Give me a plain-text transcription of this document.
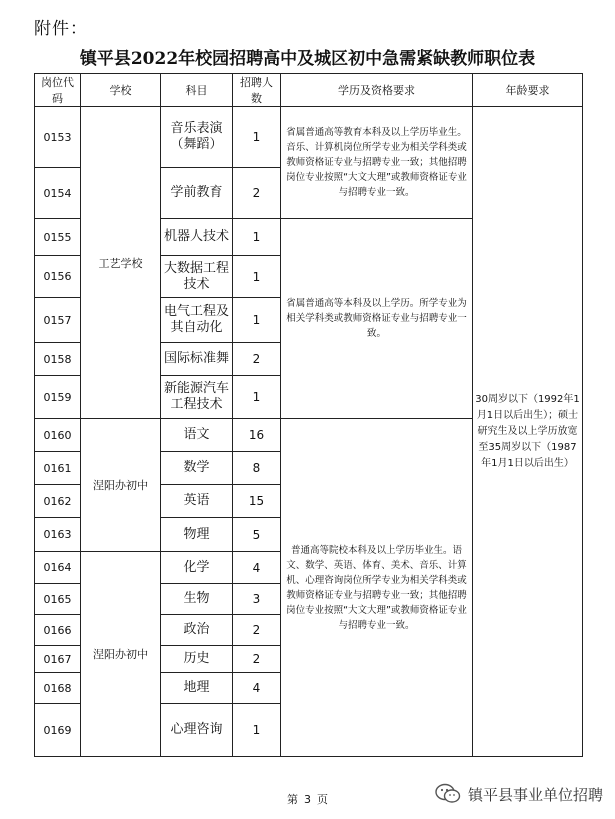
附件：
镇平县2022年校园招聘高中及城区初中急需紧缺教师职位表
岗位代码	学校	科目	招聘人数	学历及资格要求	年龄要求
0153	工艺学校	音乐表演（舞蹈）	1	省属普通高等教育本科及以上学历毕业生。音乐、计算机岗位所学专业为相关学科类或教师资格证专业与招聘专业一致；其他招聘岗位专业按照“大文大理”或教师资格证专业与招聘专业一致。	30周岁以下（1992年1月1日以后出生）；硕士研究生及以上学历放宽至35周岁以下（1987年1月1日以后出生）
0154		学前教育	2		
0155		机器人技术	1	省属普通高等本科及以上学历。所学专业为相关学科类或教师资格证专业与招聘专业一致。	
0156		大数据工程技术	1		
0157		电气工程及其自动化	1		
0158		国际标准舞	2		
0159		新能源汽车工程技术	1		
0160	涅阳办初中	语文	16	普通高等院校本科及以上学历毕业生。语文、数学、英语、体育、美术、音乐、计算机、心理咨询岗位所学专业为相关学科类或教师资格证专业与招聘专业一致；其他招聘岗位专业按照“大文大理”或教师资格证专业与招聘专业一致。	
0161		数学	8		
0162		英语	15		
0163		物理	5		
0164	涅阳办初中	化学	4		
0165		生物	3		
0166		政治	2		
0167		历史	2		
0168		地理	4		
0169		心理咨询	1		
第 3 页	镇平县事业单位招聘
